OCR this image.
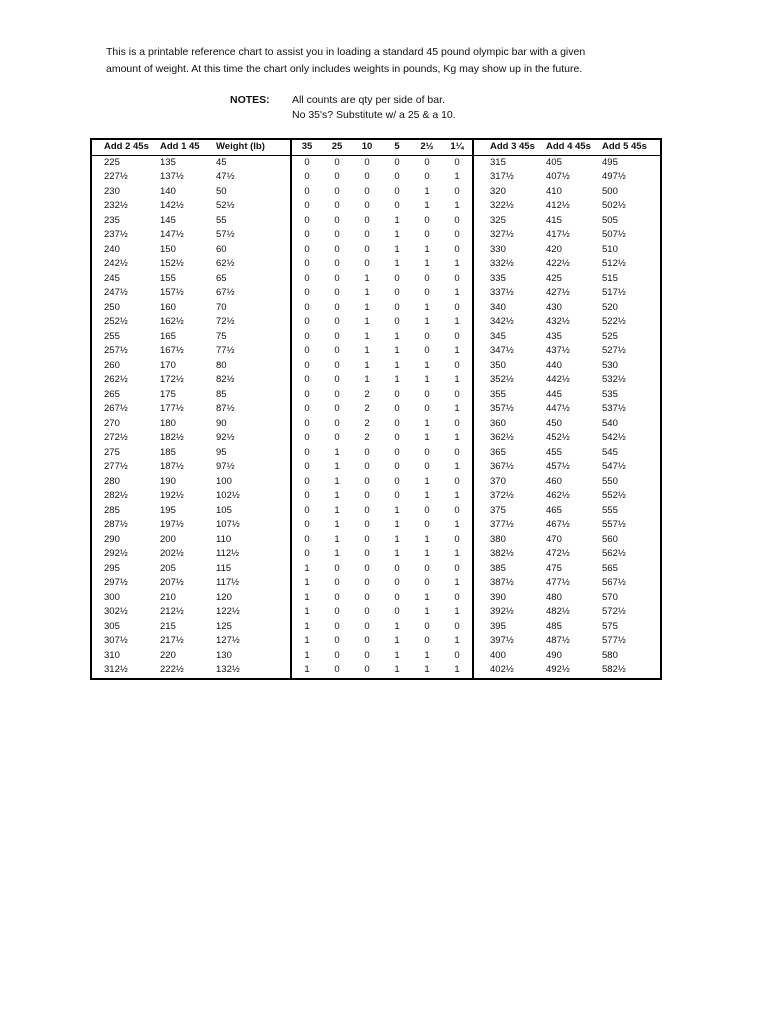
This is a printable reference chart to assist you in loading a standard 45 pound olympic bar with a given

amount of weight. At this time the chart only includes weights in pounds, Kg may show up in the future.

NOTES: All counts are qty per side of bar.
No 35's? Substitute w/ a 25 & a 10.
Add 2 45s	Add 1 45	Weight (lb)	35	25	10	5	2½	1¼	Add 3 45s	Add 4 45s	Add 5 45s
225	135	45	0	0	0	0	0	0	315	405	495
227½	137½	47½	0	0	0	0	0	1	317½	407½	497½
230	140	50	0	0	0	0	1	0	320	410	500
232½	142½	52½	0	0	0	0	1	1	322½	412½	502½
235	145	55	0	0	0	1	0	0	325	415	505
237½	147½	57½	0	0	0	1	0	0	327½	417½	507½
240	150	60	0	0	0	1	1	0	330	420	510
242½	152½	62½	0	0	0	1	1	1	332½	422½	512½
245	155	65	0	0	1	0	0	0	335	425	515
247½	157½	67½	0	0	1	0	0	1	337½	427½	517½
250	160	70	0	0	1	0	1	0	340	430	520
252½	162½	72½	0	0	1	0	1	1	342½	432½	522½
255	165	75	0	0	1	1	0	0	345	435	525
257½	167½	77½	0	0	1	1	0	1	347½	437½	527½
260	170	80	0	0	1	1	1	0	350	440	530
262½	172½	82½	0	0	1	1	1	1	352½	442½	532½
265	175	85	0	0	2	0	0	0	355	445	535
267½	177½	87½	0	0	2	0	0	1	357½	447½	537½
270	180	90	0	0	2	0	1	0	360	450	540
272½	182½	92½	0	0	2	0	1	1	362½	452½	542½
275	185	95	0	1	0	0	0	0	365	455	545
277½	187½	97½	0	1	0	0	0	1	367½	457½	547½
280	190	100	0	1	0	0	1	0	370	460	550
282½	192½	102½	0	1	0	0	1	1	372½	462½	552½
285	195	105	0	1	0	1	0	0	375	465	555
287½	197½	107½	0	1	0	1	0	1	377½	467½	557½
290	200	110	0	1	0	1	1	0	380	470	560
292½	202½	112½	0	1	0	1	1	1	382½	472½	562½
295	205	115	1	0	0	0	0	0	385	475	565
297½	207½	117½	1	0	0	0	0	1	387½	477½	567½
300	210	120	1	0	0	0	1	0	390	480	570
302½	212½	122½	1	0	0	0	1	1	392½	482½	572½
305	215	125	1	0	0	1	0	0	395	485	575
307½	217½	127½	1	0	0	1	0	1	397½	487½	577½
310	220	130	1	0	0	1	1	0	400	490	580
312½	222½	132½	1	0	0	1	1	1	402½	492½	582½
